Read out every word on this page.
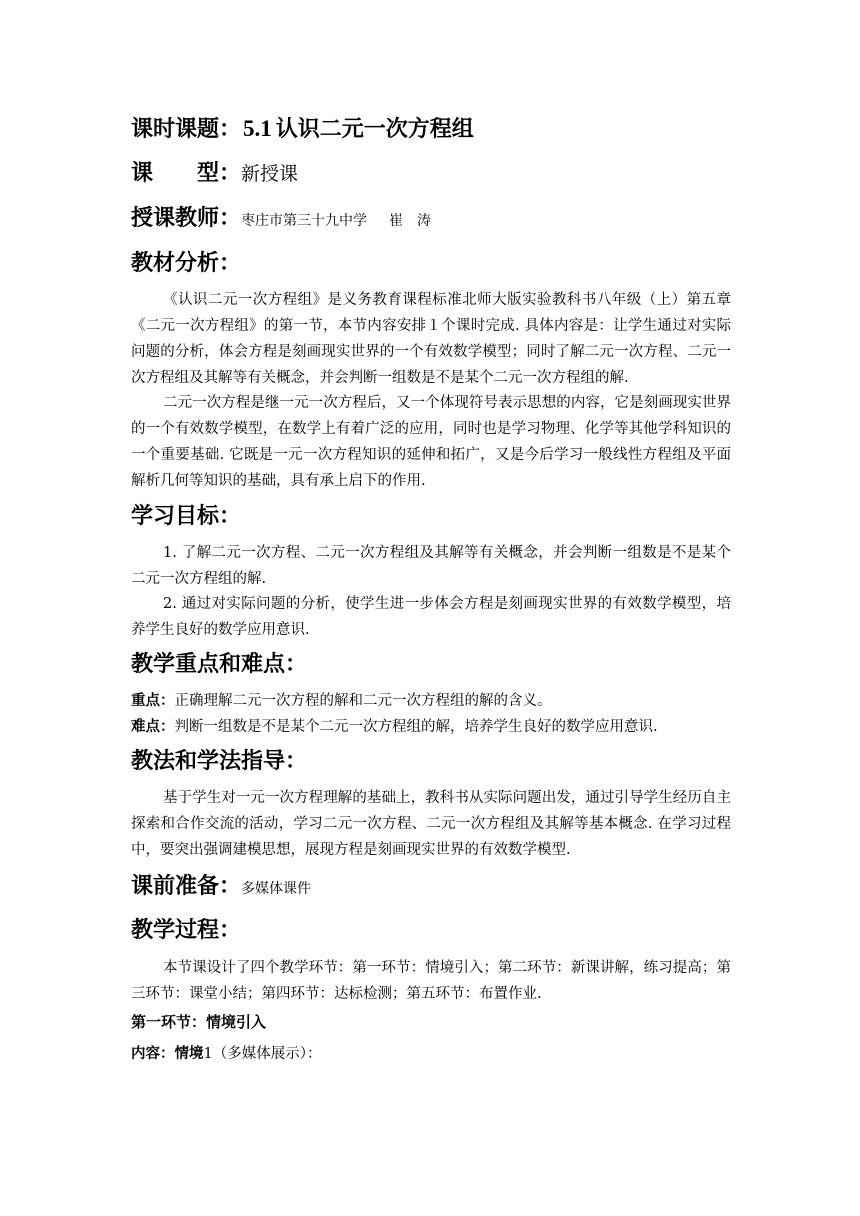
课时课题：5.1 认识二元一次方程组
课 型：新授课
授课教师：枣庄市第三十九中学 崔　涛
教材分析：

《认识二元一次方程组》是义务教育课程标准北师大版实验教科书八年级（上）第五章《二元一次方程组》的第一节，本节内容安排１个课时完成. 具体内容是：让学生通过对实际问题的分析，体会方程是刻画现实世界的一个有效数学模型；同时了解二元一次方程、二元一次方程组及其解等有关概念，并会判断一组数是不是某个二元一次方程组的解.

二元一次方程是继一元一次方程后，又一个体现符号表示思想的内容，它是刻画现实世界的一个有效数学模型，在数学上有着广泛的应用，同时也是学习物理、化学等其他学科知识的一个重要基础. 它既是一元一次方程知识的延伸和拓广，又是今后学习一般线性方程组及平面解析几何等知识的基础，具有承上启下的作用.

学习目标：

1. 了解二元一次方程、二元一次方程组及其解等有关概念，并会判断一组数是不是某个二元一次方程组的解.

2. 通过对实际问题的分析，使学生进一步体会方程是刻画现实世界的有效数学模型，培养学生良好的数学应用意识.

教学重点和难点：

重点：正确理解二元一次方程的解和二元一次方程组的解的含义。

难点：判断一组数是不是某个二元一次方程组的解，培养学生良好的数学应用意识.

教法和学法指导：

基于学生对一元一次方程理解的基础上，教科书从实际问题出发，通过引导学生经历自主探索和合作交流的活动，学习二元一次方程、二元一次方程组及其解等基本概念. 在学习过程中，要突出强调建模思想，展现方程是刻画现实世界的有效数学模型.

课前准备：多媒体课件
教学过程：

本节课设计了四个教学环节：第一环节：情境引入；第二环节：新课讲解，练习提高；第三环节：课堂小结；第四环节：达标检测；第五环节：布置作业.

第一环节：情境引入

内容：情境1（多媒体展示）：
